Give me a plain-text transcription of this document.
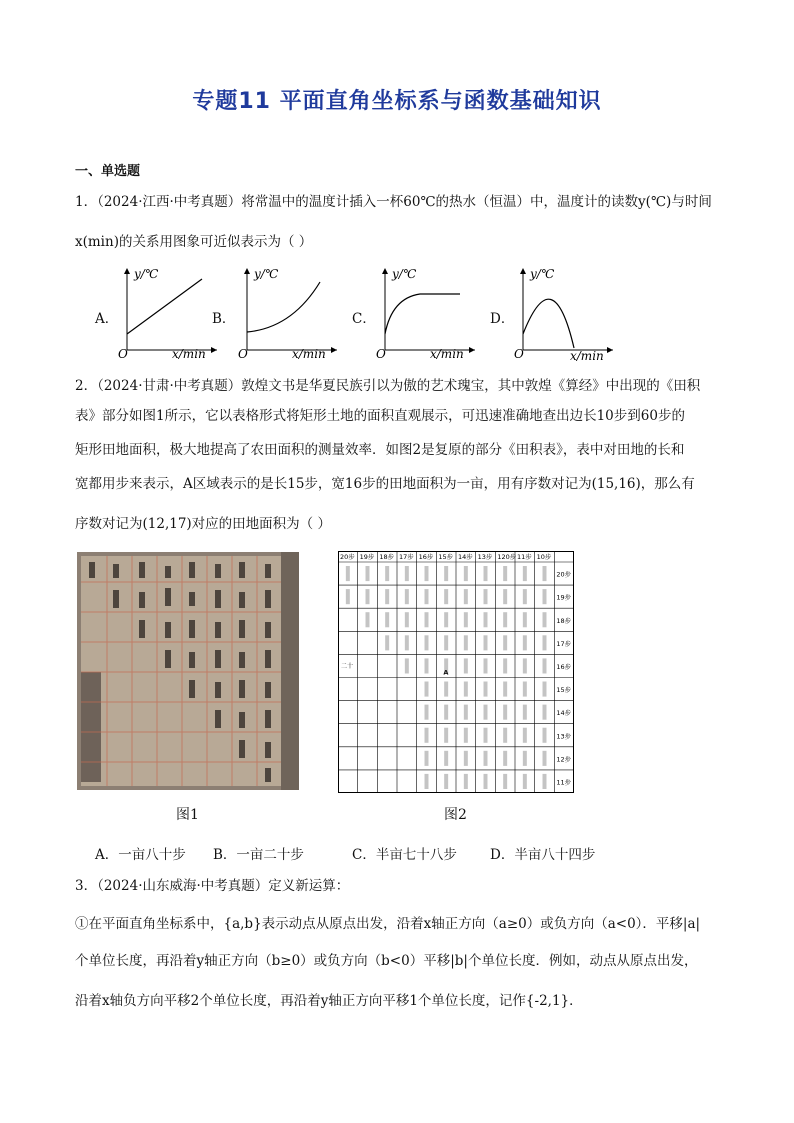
专题11 平面直角坐标系与函数基础知识
一、单选题
1．（2024·江西·中考真题）将常温中的温度计插入一杯60℃的热水（恒温）中，温度计的读数y(℃)与时间
x(min)的关系用图象可近似表示为（ ）
A．	B．	C．	D．
y/℃
x/min
O
y/℃
x/min
O
y/℃
x/min
O
y/℃
x/min
O
2．（2024·甘肃·中考真题）敦煌文书是华夏民族引以为傲的艺术瑰宝，其中敦煌《算经》中出现的《田积
表》部分如图1所示，它以表格形式将矩形土地的面积直观展示，可迅速准确地查出边长10步到60步的
矩形田地面积，极大地提高了农田面积的测量效率．如图2是复原的部分《田积表》，表中对田地的长和
宽都用步来表示，A区域表示的是长15步，宽16步的田地面积为一亩，用有序数对记为(15,16)，那么有
序数对记为(12,17)对应的田地面积为（ ）
图1
20步 19步 18步 17步 16步 15步 14步 13步 120步 11步 10步
20步
19步
18步
17步
16步
15步
14步
13步
12步
11步
A
二十
图2
A．一亩八十步 B．一亩二十步	C．半亩七十八步 D．半亩八十四步
3．（2024·山东威海·中考真题）定义新运算：
①在平面直角坐标系中，{a,b}表示动点从原点出发，沿着x轴正方向（a≥0）或负方向（a<0）．平移|a|
个单位长度，再沿着y轴正方向（b≥0）或负方向（b<0）平移|b|个单位长度．例如，动点从原点出发，
沿着x轴负方向平移2个单位长度，再沿着y轴正方向平移1个单位长度，记作{-2,1}．
